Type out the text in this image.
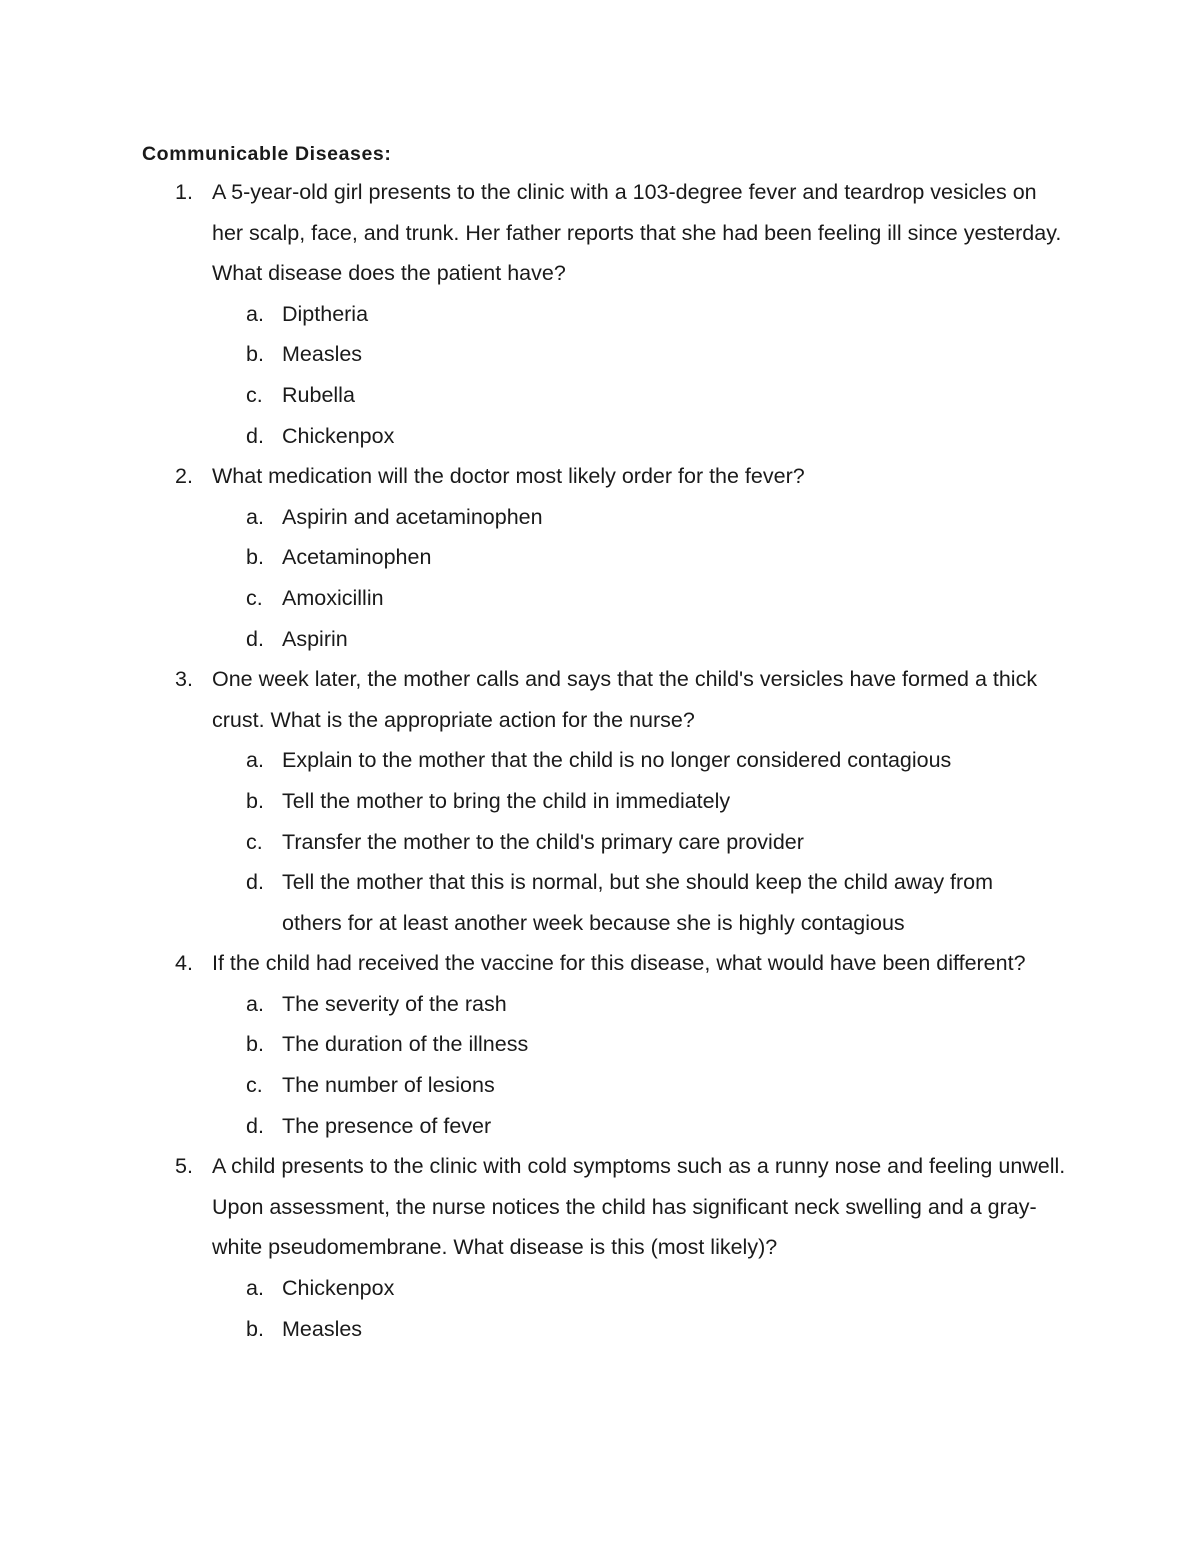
Communicable Diseases:
1. A 5-year-old girl presents to the clinic with a 103-degree fever and teardrop vesicles on her scalp, face, and trunk. Her father reports that she had been feeling ill since yesterday. What disease does the patient have?
a. Diptheria
b. Measles
c. Rubella
d. Chickenpox
2. What medication will the doctor most likely order for the fever?
a. Aspirin and acetaminophen
b. Acetaminophen
c. Amoxicillin
d. Aspirin
3. One week later, the mother calls and says that the child's versicles have formed a thick crust. What is the appropriate action for the nurse?
a. Explain to the mother that the child is no longer considered contagious
b. Tell the mother to bring the child in immediately
c. Transfer the mother to the child's primary care provider
d. Tell the mother that this is normal, but she should keep the child away from others for at least another week because she is highly contagious
4. If the child had received the vaccine for this disease, what would have been different?
a. The severity of the rash
b. The duration of the illness
c. The number of lesions
d. The presence of fever
5. A child presents to the clinic with cold symptoms such as a runny nose and feeling unwell. Upon assessment, the nurse notices the child has significant neck swelling and a gray-white pseudomembrane. What disease is this (most likely)?
a. Chickenpox
b. Measles
